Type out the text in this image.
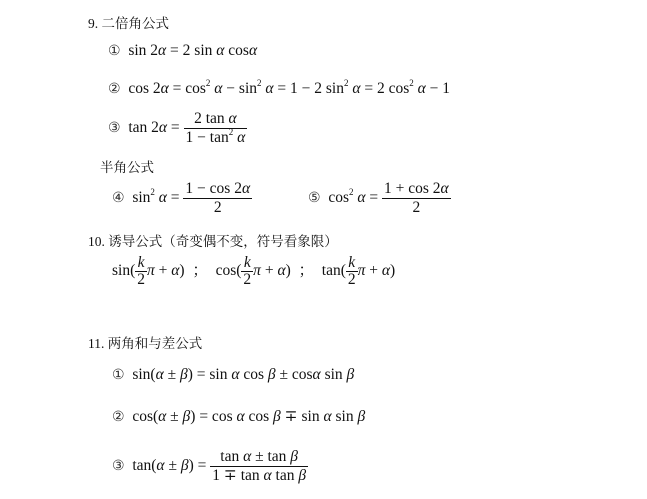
9. 二倍角公式
①  sin 2α = 2 sin α cosα
②  $\cos 2\alpha = \cos^2 \alpha - \sin^2 \alpha = 1 - 2$ $\sin^2 \alpha = 2$ $\cos^2 \alpha - 1$
③  $\tan 2\alpha = \frac{\text{2 tan α}}{1 - \tan^2 \alpha}$
半角公式
④  $\sin^2 \alpha = \frac{1 - \cos 2\alpha}{2}$	⑤  $\cos^2 \alpha = \frac{1 + \cos 2\alpha}{2}$
10. 诱导公式（奇变偶不变，符号看象限）
$\sin( \frac{k}{2}$ π + α)  ；  $\cos( \frac{k}{2}$ π + α)  ；  $\tan( \frac{k}{2}$ π + α)
11. 两角和与差公式
①  sin(α ± β) = sin α cos β ± cosα sin β
②  cos(α ± β) = cos α cos β ∓ sin α sin β
③  $\tan(\alpha \pm \beta) = \frac{\text{tan α ± tan β}}{\text{1 ∓ tan α tan β}}$
